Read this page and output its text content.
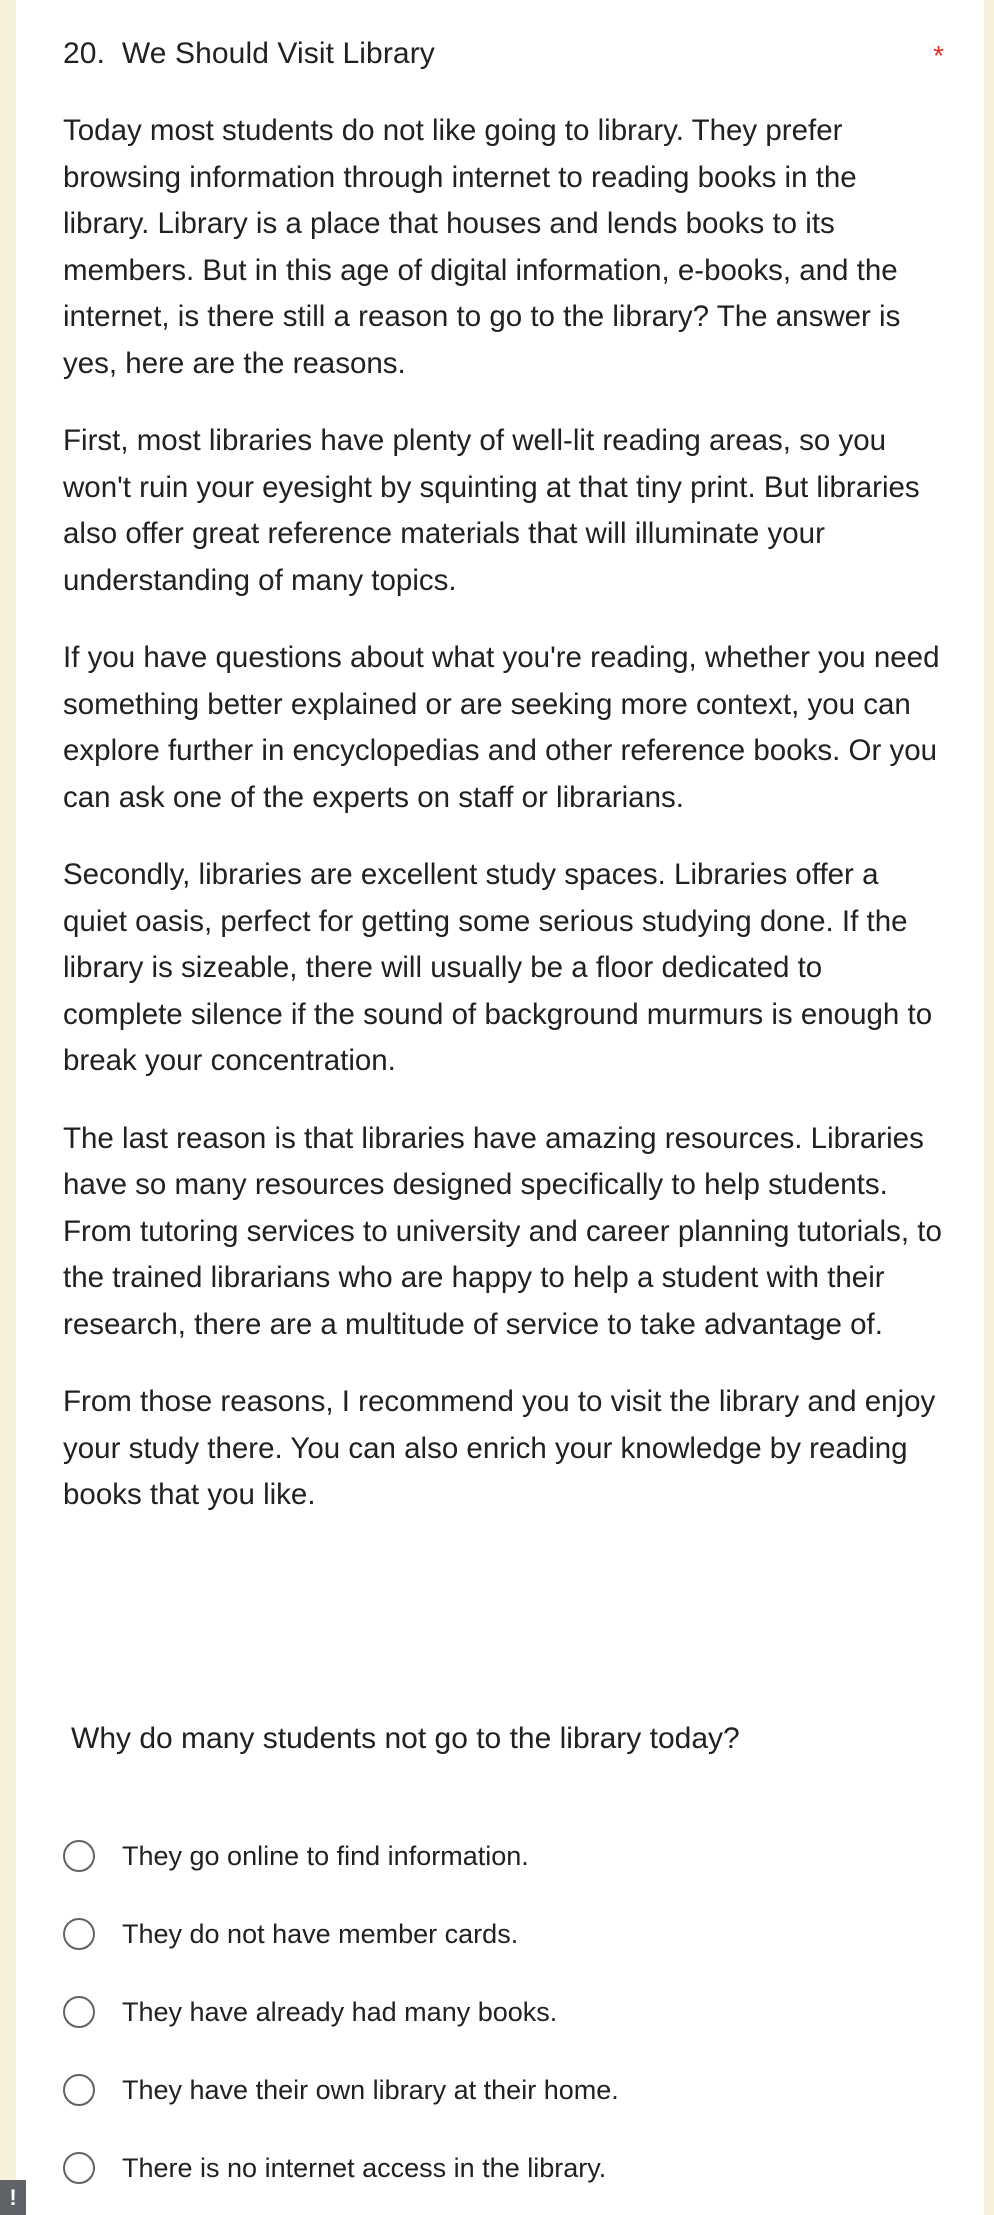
20. We Should Visit Library	*

Today most students do not like going to library. They prefer browsing information through internet to reading books in the library. Library is a place that houses and lends books to its members. But in this age of digital information, e-books, and the internet, is there still a reason to go to the library? The answer is yes, here are the reasons.

First, most libraries have plenty of well-lit reading areas, so you won't ruin your eyesight by squinting at that tiny print. But libraries also offer great reference materials that will illuminate your understanding of many topics.

If you have questions about what you're reading, whether you need something better explained or are seeking more context, you can explore further in encyclopedias and other reference books. Or you can ask one of the experts on staff or librarians.

Secondly, libraries are excellent study spaces. Libraries offer a quiet oasis, perfect for getting some serious studying done. If the library is sizeable, there will usually be a floor dedicated to complete silence if the sound of background murmurs is enough to break your concentration.

The last reason is that libraries have amazing resources. Libraries have so many resources designed specifically to help students. From tutoring services to university and career planning tutorials, to the trained librarians who are happy to help a student with their research, there are a multitude of service to take advantage of.

From those reasons, I recommend you to visit the library and enjoy your study there. You can also enrich your knowledge by reading books that you like.

Why do many students not go to the library today?
They go online to find information.
They do not have member cards.
They have already had many books.
They have their own library at their home.
There is no internet access in the library.
!
